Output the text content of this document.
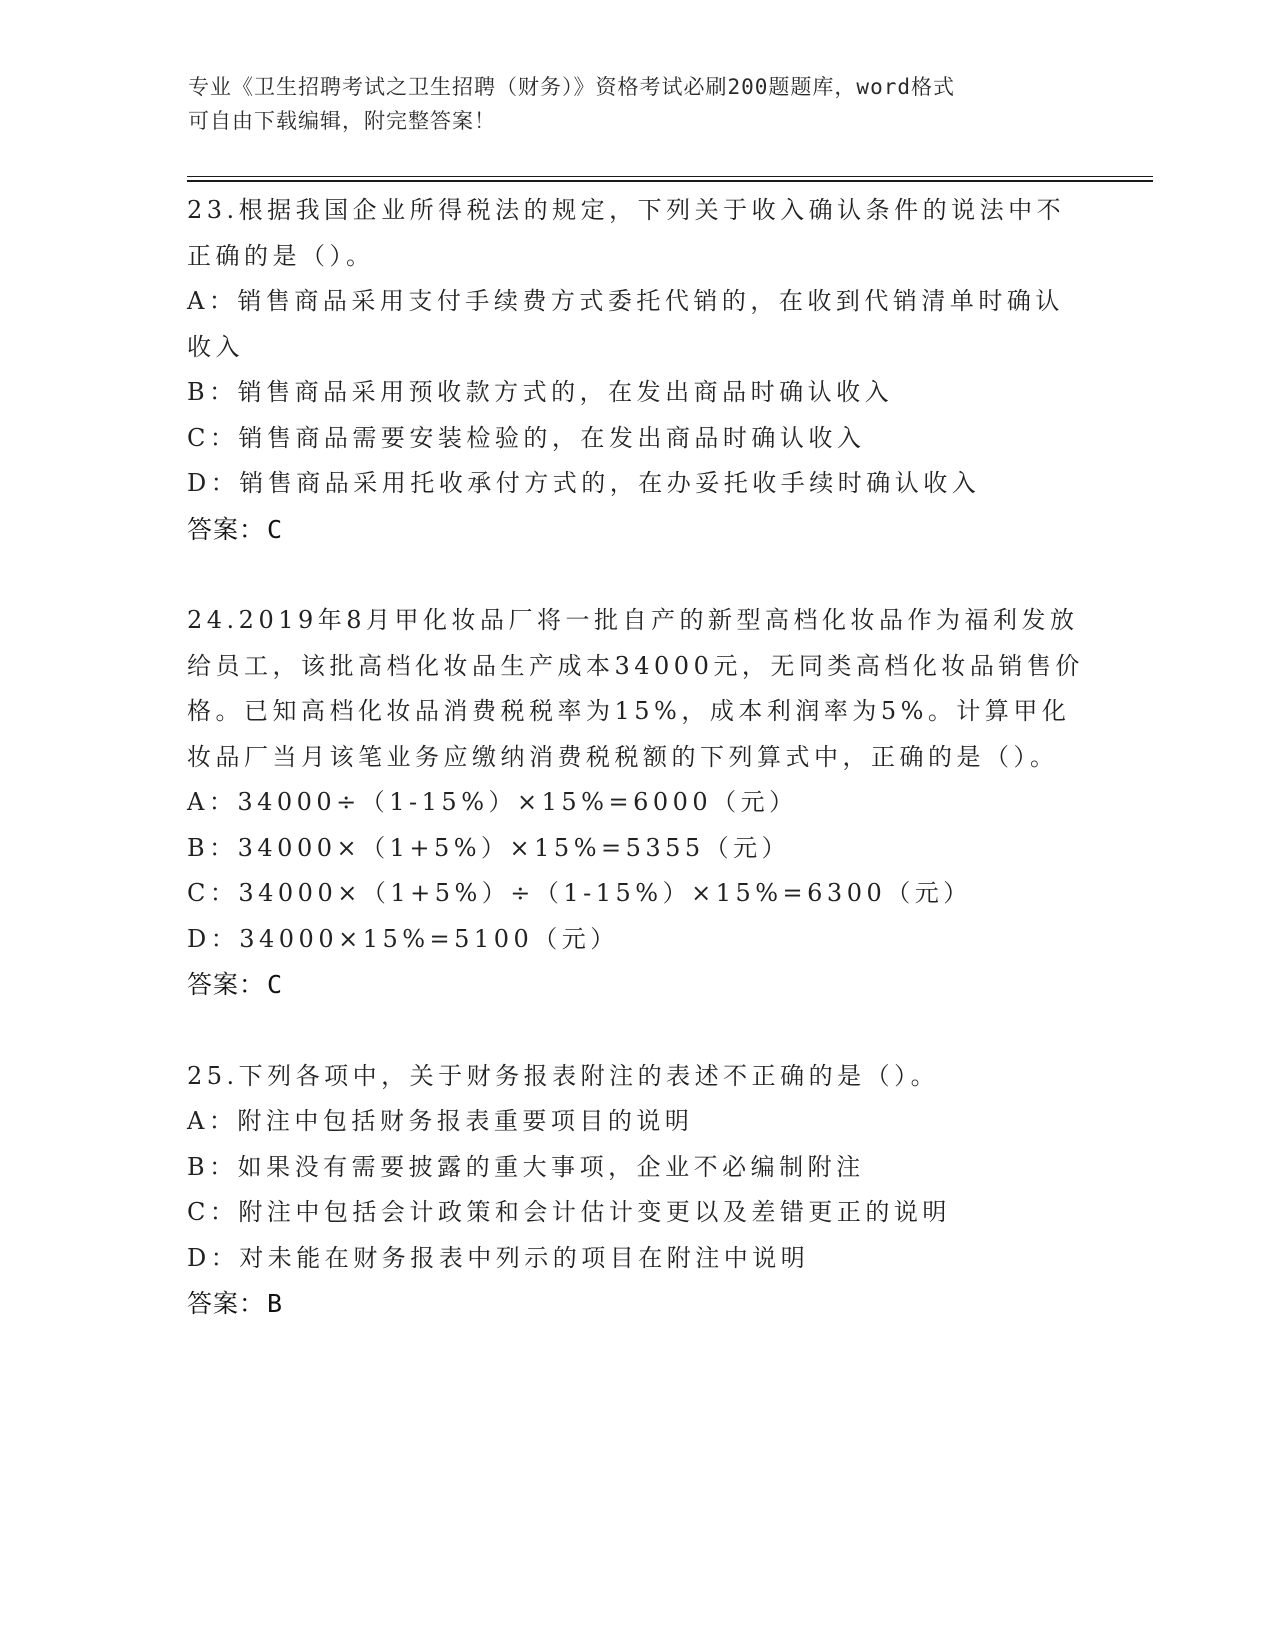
专业《卫生招聘考试之卫生招聘（财务）》资格考试必刷200题题库，word格式
可自由下载编辑，附完整答案！

23.根据我国企业所得税法的规定，下列关于收入确认条件的说法中不正确的是（）。

A：销售商品采用支付手续费方式委托代销的，在收到代销清单时确认收入

B：销售商品采用预收款方式的，在发出商品时确认收入

C：销售商品需要安装检验的，在发出商品时确认收入

D：销售商品采用托收承付方式的，在办妥托收手续时确认收入

答案：C

24.2019年8月甲化妆品厂将一批自产的新型高档化妆品作为福利发放给员工，该批高档化妆品生产成本34000元，无同类高档化妆品销售价格。已知高档化妆品消费税税率为15%，成本利润率为5%。计算甲化妆品厂当月该笔业务应缴纳消费税税额的下列算式中，正确的是（）。

A：34000÷（1-15%）×15%=6000（元）

B：34000×（1+5%）×15%=5355（元）

C：34000×（1+5%）÷（1-15%）×15%=6300（元）

D：34000×15%=5100（元）

答案：C

25.下列各项中，关于财务报表附注的表述不正确的是（）。

A：附注中包括财务报表重要项目的说明

B：如果没有需要披露的重大事项，企业不必编制附注

C：附注中包括会计政策和会计估计变更以及差错更正的说明

D：对未能在财务报表中列示的项目在附注中说明

答案：B
